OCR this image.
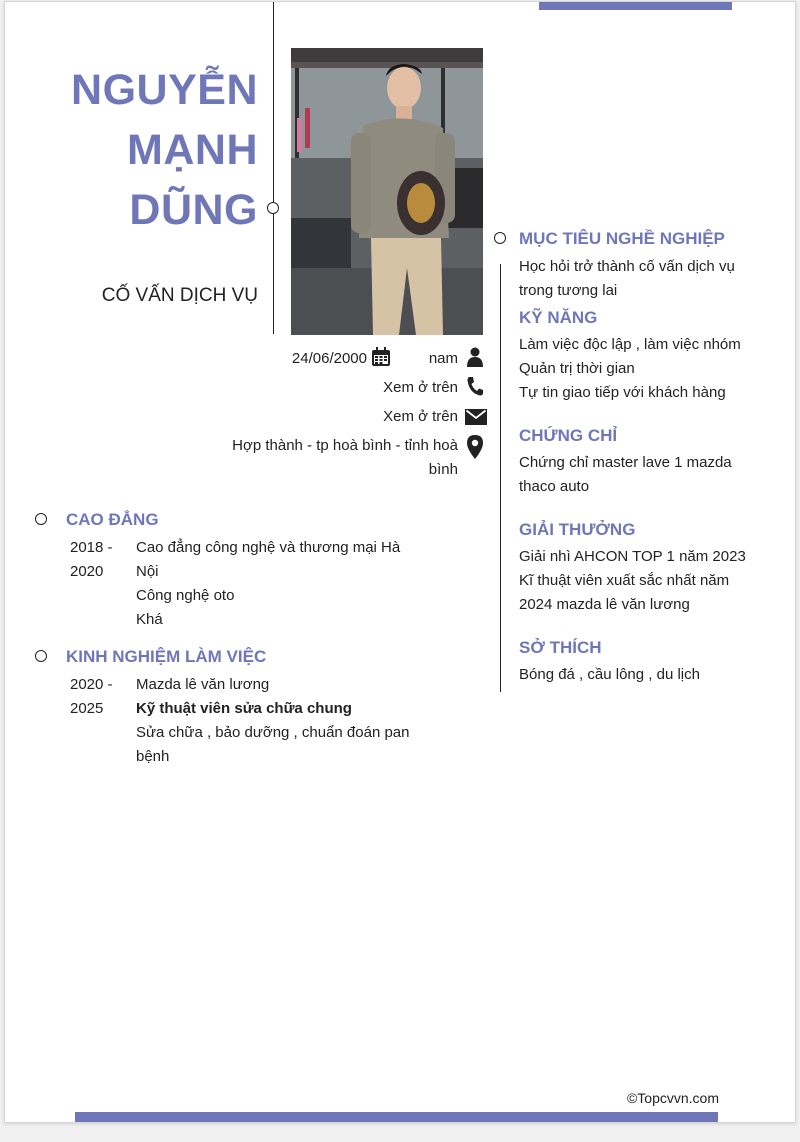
NGUYỄN
MẠNH
DŨNG
CỐ VẤN DỊCH VỤ
24/06/2000	nam
Xem ở trên
Xem ở trên
Hợp thành - tp hoà bình - tỉnh hoà
bình
CAO ĐẲNG
2018 -
2020
Cao đẳng công nghệ và thương mại Hà
Nội
Công nghệ oto
Khá
KINH NGHIỆM LÀM VIỆC
2020 -
2025
Mazda lê văn lương
Kỹ thuật viên sửa chữa chung
Sửa chữa , bảo dưỡng , chuẩn đoán pan
bệnh
MỤC TIÊU NGHỀ NGHIỆP
Học hỏi trở thành cố vấn dịch vụ
trong tương lai
KỸ NĂNG
Làm việc độc lập , làm việc nhóm
Quản trị thời gian
Tự tin giao tiếp với khách hàng
CHỨNG CHỈ
Chứng chỉ master lave 1 mazda
thaco auto
GIẢI THƯỞNG
Giải nhì AHCON TOP 1 năm 2023
Kĩ thuật viên xuất sắc nhất năm
2024 mazda lê văn lương
SỞ THÍCH
Bóng đá , cầu lông , du lịch
©Topcvvn.com
